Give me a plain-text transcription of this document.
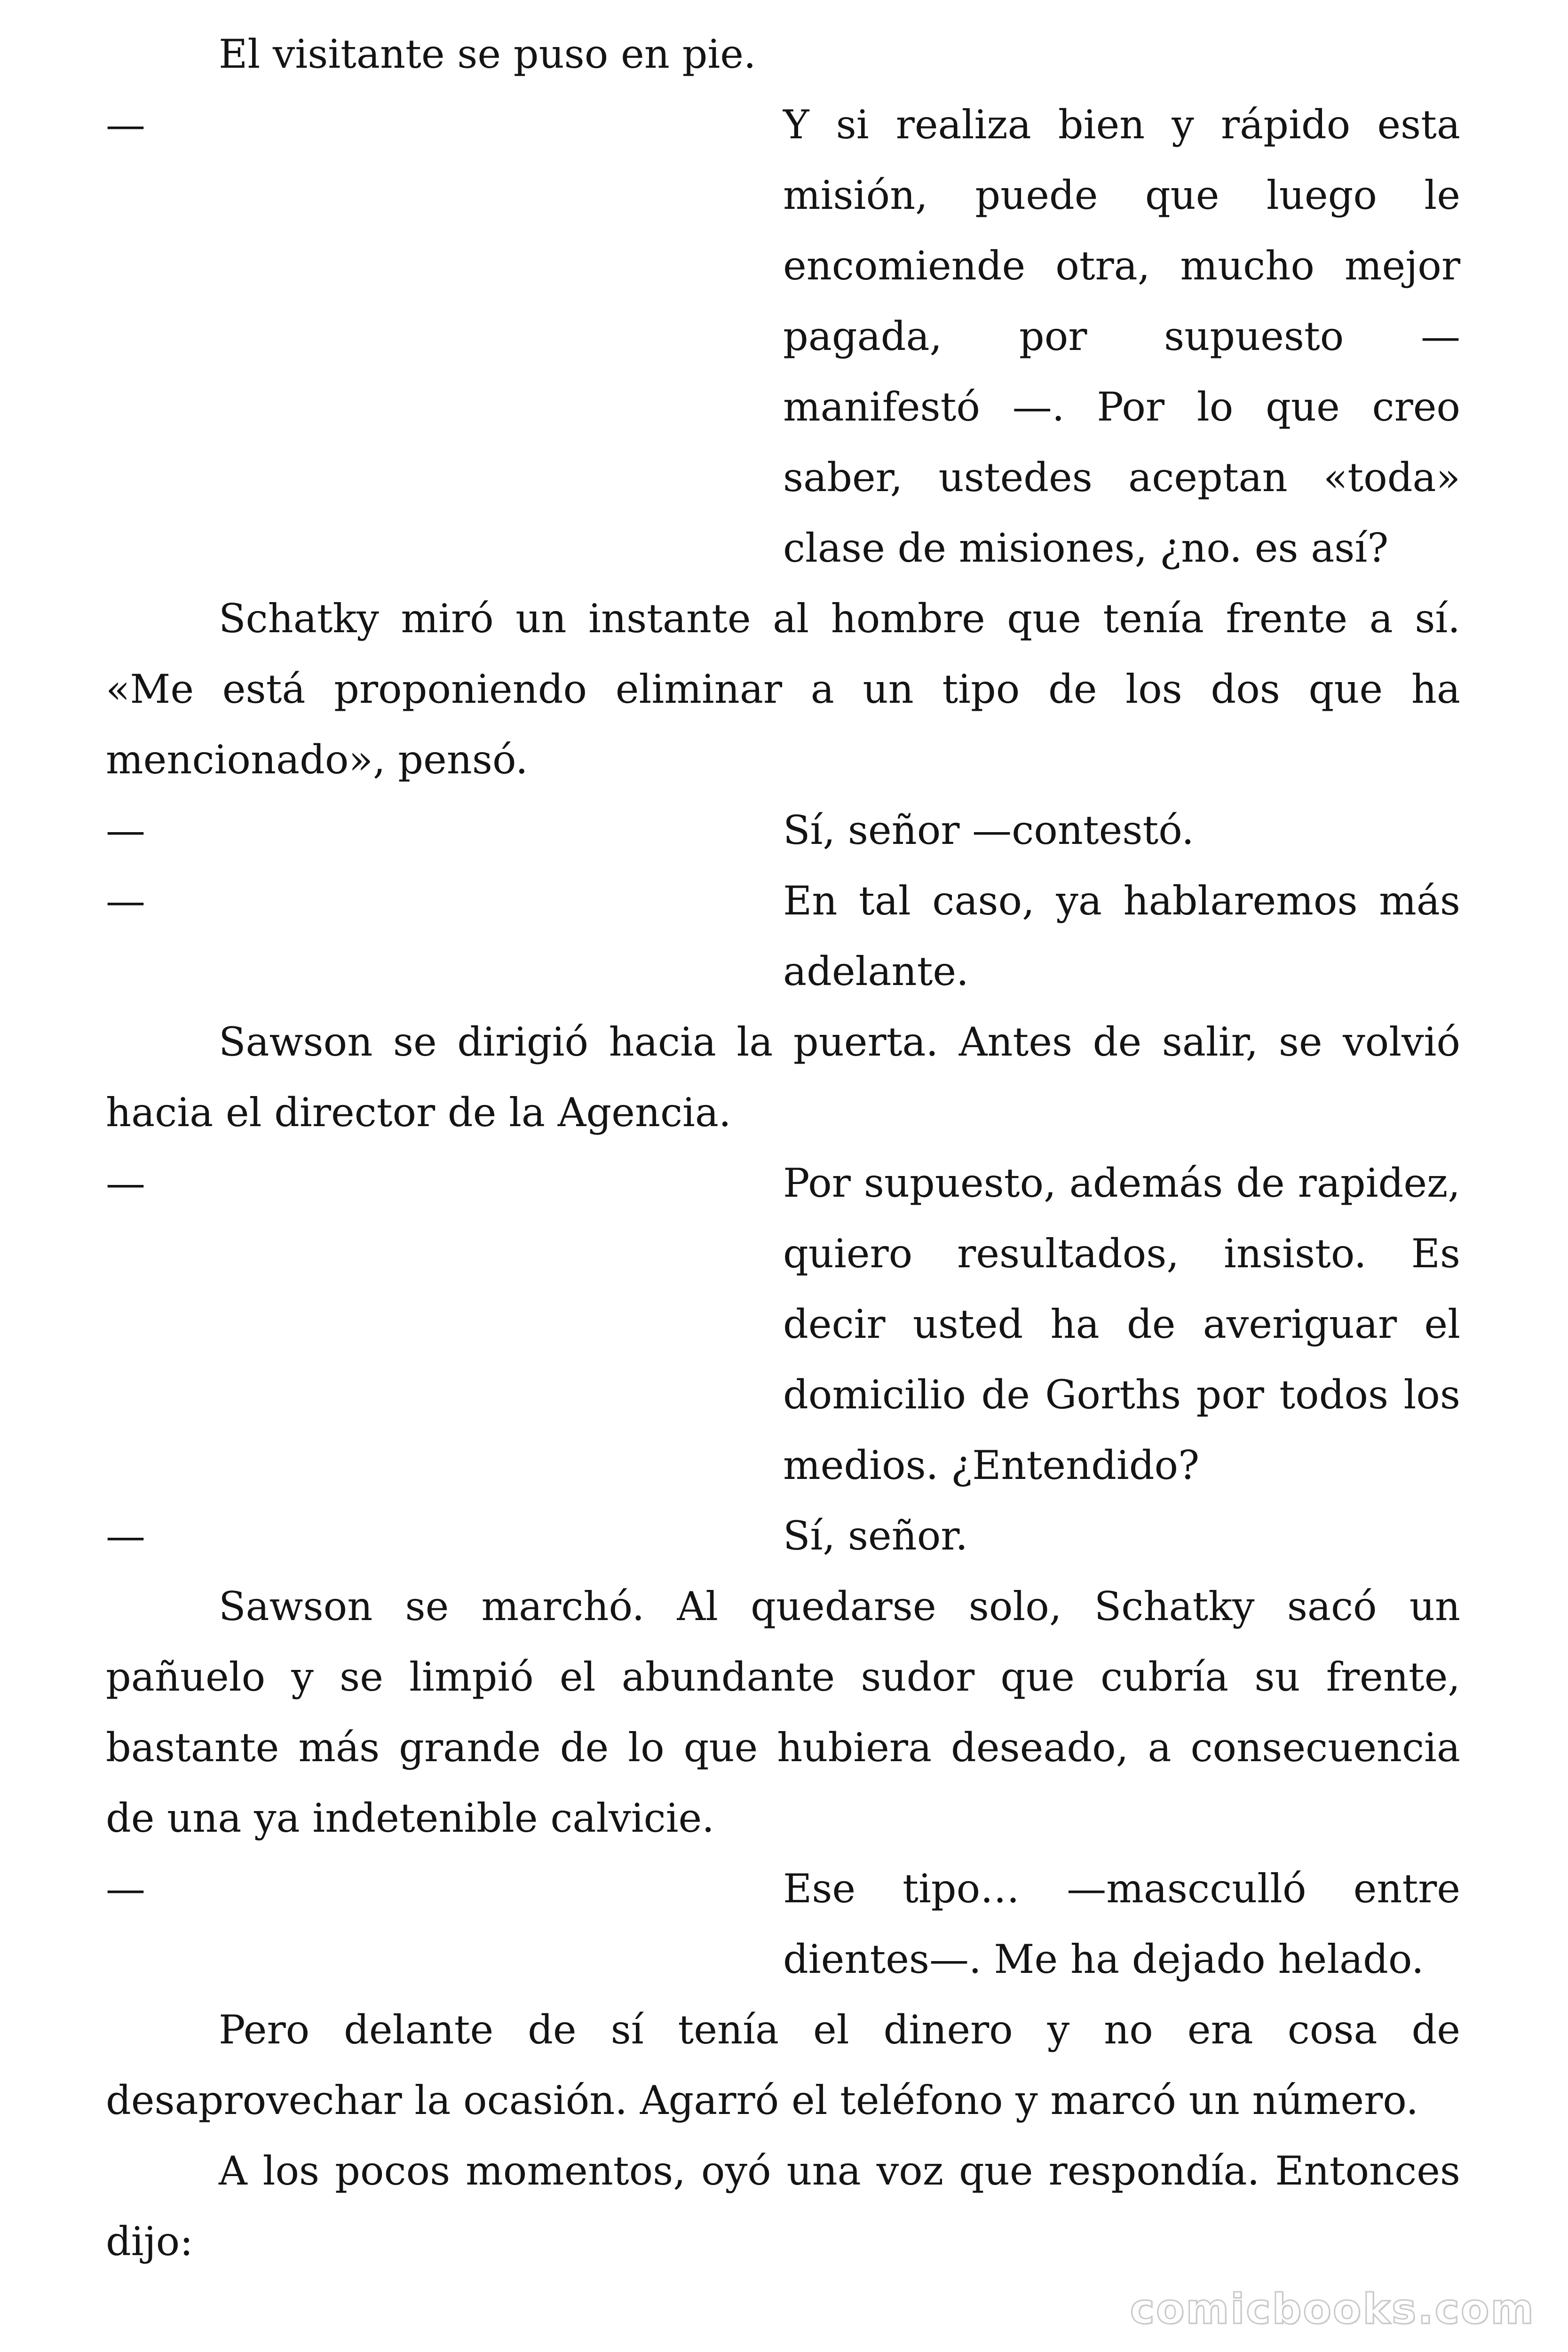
El visitante se puso en pie.

—	Y si realiza bien y rápido esta misión, puede que luego le encomiende otra, mucho mejor pagada, por supuesto —manifestó —. Por lo que creo saber, ustedes aceptan «toda» clase de misiones, ¿no. es así?

Schatky miró un instante al hombre que tenía frente a sí. «Me está proponiendo eliminar a un tipo de los dos que ha mencionado», pensó.

—	Sí, señor —contestó.
—	En tal caso, ya hablaremos más adelante.

Sawson se dirigió hacia la puerta. Antes de salir, se volvió hacia el director de la Agencia.

—	Por supuesto, además de rapidez, quiero resultados, insisto. Es decir usted ha de averiguar el domicilio de Gorths por todos los medios. ¿Entendido?
—	Sí, señor.

Sawson se marchó. Al quedarse solo, Schatky sacó un pañuelo y se limpió el abundante sudor que cubría su frente, bastante más grande de lo que hubiera deseado, a consecuencia de una ya indetenible calvicie.

—	Ese tipo… —mascculló entre dientes—. Me ha dejado helado.

Pero delante de sí tenía el dinero y no era cosa de desaprovechar la ocasión. Agarró el teléfono y marcó un número.

A los pocos momentos, oyó una voz que respondía. Entonces dijo:

comicbooks.com
